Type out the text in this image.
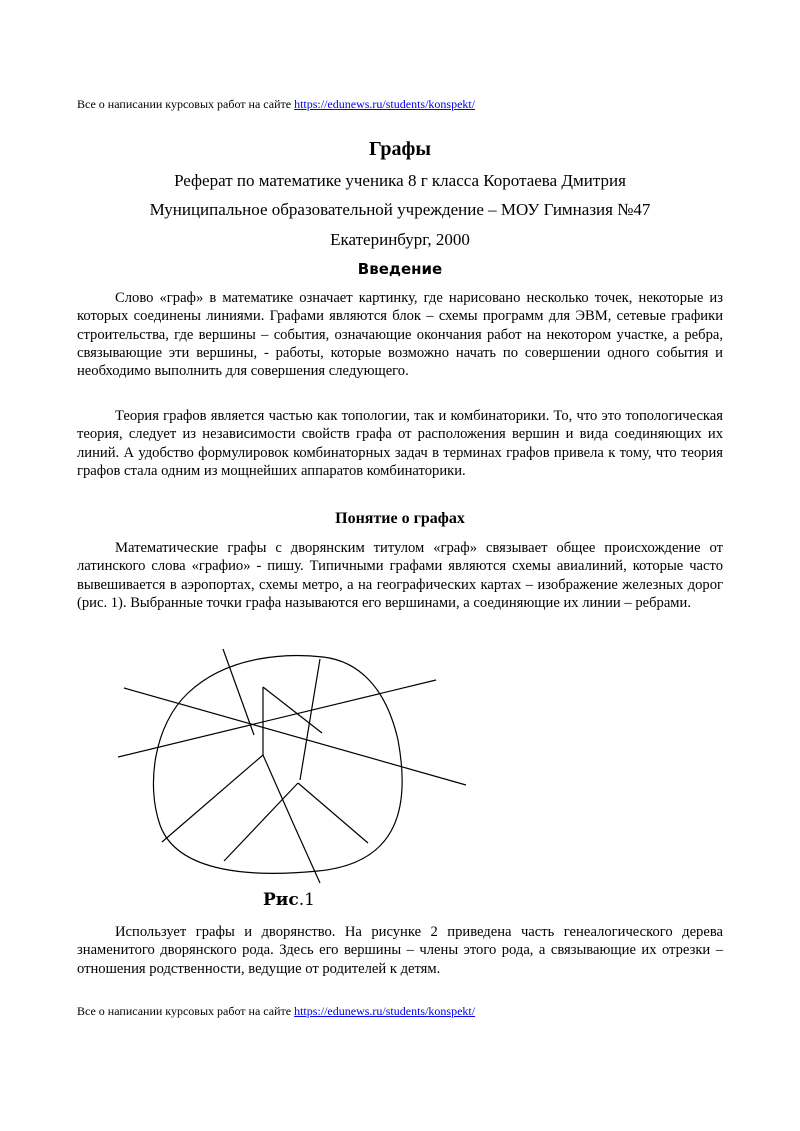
Все о написании курсовых работ на сайте https://edunews.ru/students/konspekt/
Графы
Реферат по математике ученика 8 г класса Коротаева Дмитрия
Муниципальное образовательной учреждение – МОУ Гимназия №47
Екатеринбург, 2000
Введение

Слово «граф» в математике означает картинку, где нарисовано несколько точек, некоторые из которых соединены линиями. Графами являются блок – схемы программ для ЭВМ, сетевые графики строительства, где вершины – события, означающие окончания работ на некотором участке, а ребра, связывающие эти вершины, - работы, которые возможно начать по совершении одного события и необходимо выполнить для совершения следующего.

Теория графов является частью как топологии, так и комбинаторики. То, что это топологическая теория, следует из независимости свойств графа от расположения вершин и вида соединяющих их линий. А удобство формулировок комбинаторных задач в терминах графов привела к тому, что теория графов стала одним из мощнейших аппаратов комбинаторики.

Понятие о графах

Математические графы с дворянским титулом «граф» связывает общее происхождение от латинского слова «графио» - пишу. Типичными графами являются схемы авиалиний, которые часто вывешивается в аэропортах, схемы метро, а на географических картах – изображение железных дорог (рис. 1). Выбранные точки графа называются его вершинами, а соединяющие их линии – ребрами.

Рис.1

Использует графы и дворянство. На рисунке 2 приведена часть генеалогического дерева знаменитого дворянского рода. Здесь его вершины – члены этого рода, а связывающие их отрезки – отношения родственности, ведущие от родителей к детям.

Все о написании курсовых работ на сайте https://edunews.ru/students/konspekt/
